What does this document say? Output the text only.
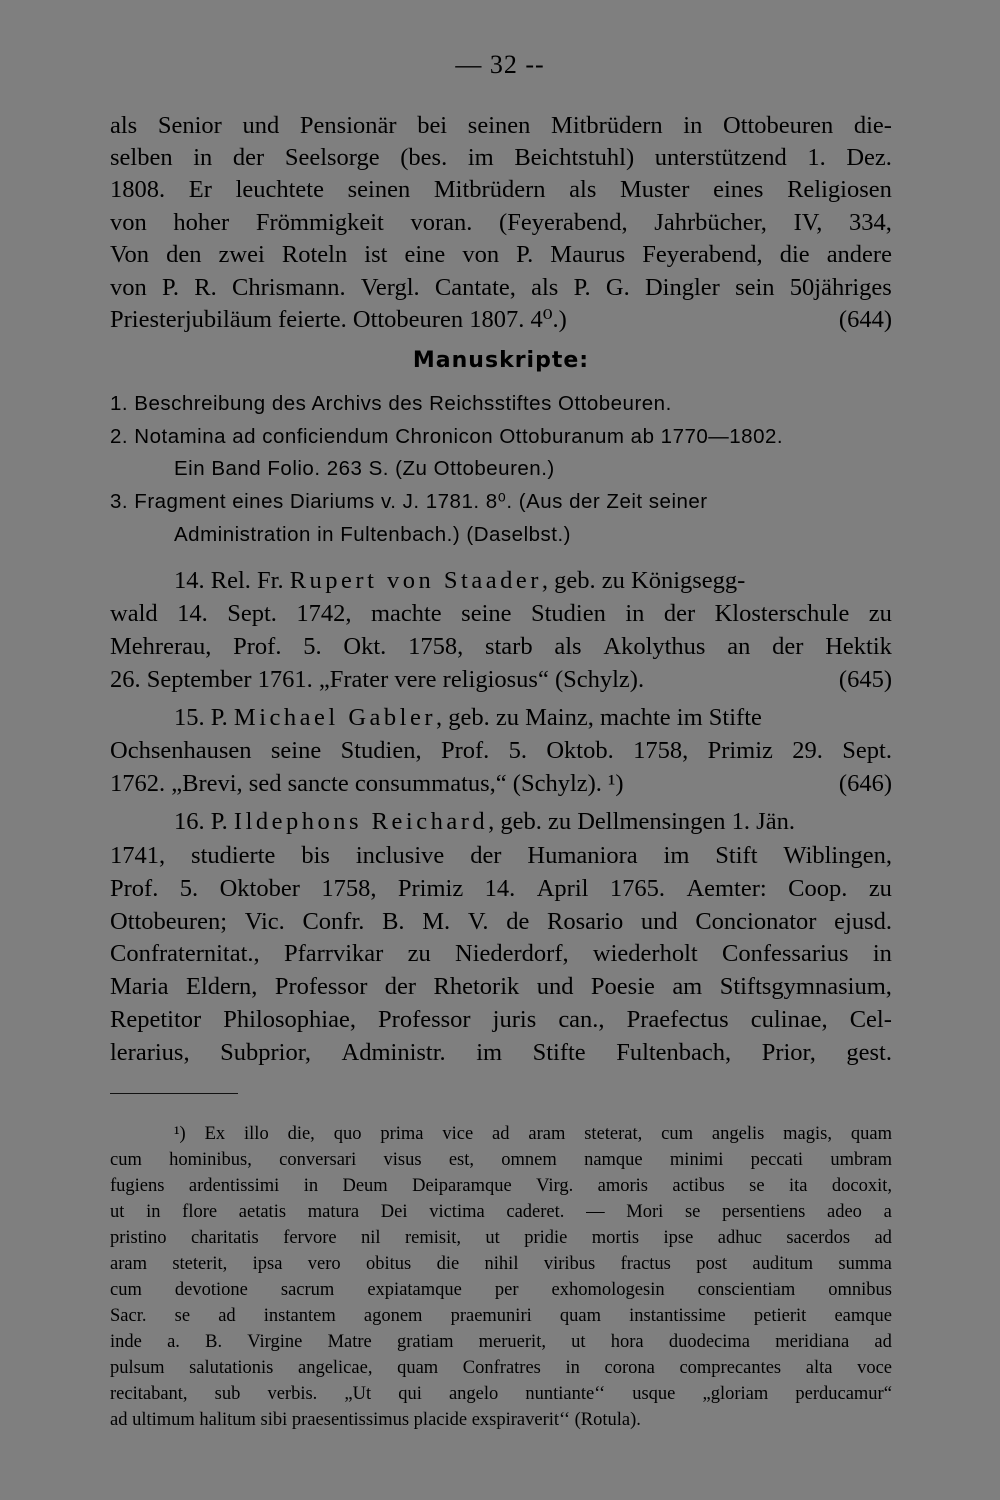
— 32 --
als Senior und Pensionär bei seinen Mitbrüdern in Ottobeuren die-
selben in der Seelsorge (bes. im Beichtstuhl) unterstützend 1. Dez.
1808. Er leuchtete seinen Mitbrüdern als Muster eines Religiosen
von hoher Frömmigkeit voran. (Feyerabend, Jahrbücher, IV, 334,
Von den zwei Roteln ist eine von P. Maurus Feyerabend, die andere
von P. R. Chrismann. Vergl. Cantate, als P. G. Dingler sein 50jähriges
Priesterjubiläum feierte. Ottobeuren 1807. 4⁰.)	(644)
Manuskripte:
1. Beschreibung des Archivs des Reichsstiftes Ottobeuren.
2. Notamina ad conficiendum Chronicon Ottoburanum ab 1770—1802.
Ein Band Folio. 263 S. (Zu Ottobeuren.)
3. Fragment eines Diariums v. J. 1781. 8⁰. (Aus der Zeit seiner
Administration in Fultenbach.) (Daselbst.)
14. Rel. Fr.
Rupert von Staader , geb. zu Königsegg-
wald 14. Sept. 1742, machte seine Studien in der Klosterschule zu
Mehrerau, Prof. 5. Okt. 1758, starb als Akolythus an der Hektik
26. September 1761. „Frater vere religiosus“ (Schylz).	(645)
15. P.
Michael Gabler , geb. zu Mainz, machte im Stifte
Ochsenhausen seine Studien, Prof. 5. Oktob. 1758, Primiz 29. Sept.
1762. „Brevi, sed sancte consummatus,“ (Schylz). ¹)	(646)
16. P.
Ildephons Reichard , geb. zu Dellmensingen 1. Jän.
1741, studierte bis inclusive der Humaniora im Stift Wiblingen,
Prof. 5. Oktober 1758, Primiz 14. April 1765. Aemter: Coop. zu
Ottobeuren; Vic. Confr. B. M. V. de Rosario und Concionator ejusd.
Confraternitat., Pfarrvikar zu Niederdorf, wiederholt Confessarius in
Maria Eldern, Professor der Rhetorik und Poesie am Stiftsgymnasium,
Repetitor Philosophiae, Professor juris can., Praefectus culinae, Cel-
lerarius, Subprior, Administr. im Stifte Fultenbach, Prior, gest.
¹) Ex illo die, quo prima vice ad aram steterat, cum angelis magis, quam
cum hominibus, conversari visus est, omnem namque minimi peccati umbram
fugiens ardentissimi in Deum Deiparamque Virg. amoris actibus se ita docoxit,
ut in flore aetatis matura Dei victima caderet. — Mori se persentiens adeo a
pristino charitatis fervore nil remisit, ut pridie mortis ipse adhuc sacerdos ad
aram steterit, ipsa vero obitus die nihil viribus fractus post auditum summa
cum devotione sacrum expiatamque per exhomologesin conscientiam omnibus
Sacr. se ad instantem agonem praemuniri quam instantissime petierit eamque
inde a. B. Virgine Matre gratiam meruerit, ut hora duodecima meridiana ad
pulsum salutationis angelicae, quam Confratres in corona comprecantes alta voce
recitabant, sub verbis. „Ut qui angelo nuntiante‘‘ usque „gloriam perducamur“
ad ultimum halitum sibi praesentissimus placide exspiraverit‘‘ (Rotula).
